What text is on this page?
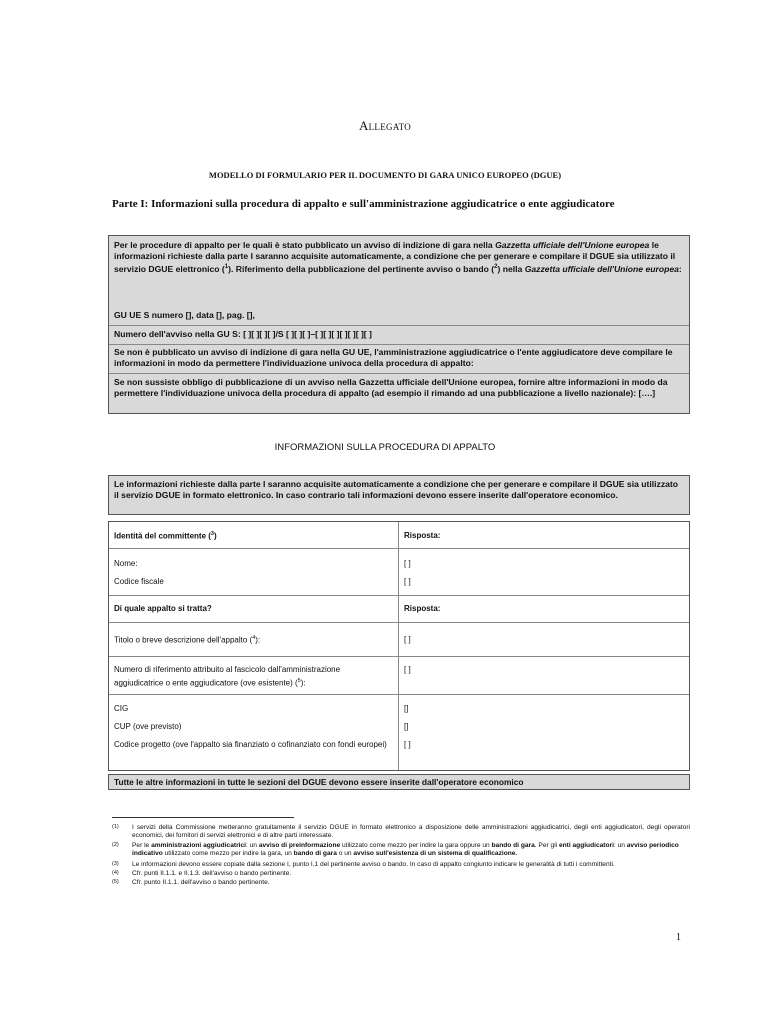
Allegato
MODELLO DI FORMULARIO PER IL DOCUMENTO DI GARA UNICO EUROPEO (DGUE)
Parte I: Informazioni sulla procedura di appalto e sull'amministrazione aggiudicatrice o ente aggiudicatore
Per le procedure di appalto per le quali è stato pubblicato un avviso di indizione di gara nella Gazzetta ufficiale dell'Unione europea le informazioni richieste dalla parte I saranno acquisite automaticamente, a condizione che per generare e compilare il DGUE sia utilizzato il servizio DGUE elettronico ($^1$). Riferimento della pubblicazione del pertinente avviso o bando ($^2$) nella Gazzetta ufficiale dell'Unione europea:
GU UE S numero [], data [], pag. [],
Numero dell'avviso nella GU S: [ ][ ][ ][ ]/S [ ][ ][ ]–[ ][ ][ ][ ][ ][ ][ ]
Se non è pubblicato un avviso di indizione di gara nella GU UE, l'amministrazione aggiudicatrice o l'ente aggiudicatore deve compilare le informazioni in modo da permettere l'individuazione univoca della procedura di appalto:
Se non sussiste obbligo di pubblicazione di un avviso nella Gazzetta ufficiale dell'Unione europea, fornire altre informazioni in modo da permettere l'individuazione univoca della procedura di appalto (ad esempio il rimando ad una pubblicazione a livello nazionale): [….]
INFORMAZIONI SULLA PROCEDURA DI APPALTO
Le informazioni richieste dalla parte I saranno acquisite automaticamente a condizione che per generare e compilare il DGUE sia utilizzato il servizio DGUE in formato elettronico. In caso contrario tali informazioni devono essere inserite dall'operatore economico.
Identità del committente ($^3$)	Risposta:
Nome:	[ ]
Codice fiscale	[ ]
Di quale appalto si tratta?	Risposta:
Titolo o breve descrizione dell'appalto ($^4$):	[ ]
Numero di riferimento attribuito al fascicolo dall'amministrazione aggiudicatrice o ente aggiudicatore (ove esistente) ($^5$):
[ ]
CIG	[]
CUP (ove previsto)	[]
Codice progetto (ove l'appalto sia finanziato o cofinanziato con fondi europei) [ ]
Tutte le altre informazioni in tutte le sezioni del DGUE devono essere inserite dall'operatore economico
(1) I servizi della Commissione metteranno gratuitamente il servizio DGUE in formato elettronico a disposizione delle amministrazioni aggiudicatrici, degli enti aggiudicatori, degli operatori economici, dei fornitori di servizi elettronici e di altre parti interessate.
(2) Per le amministrazioni aggiudicatrici: un avviso di preinformazione utilizzato come mezzo per indire la gara oppure un bando di gara. Per gli enti aggiudicatori: un avviso periodico indicativo utilizzato come mezzo per indire la gara, un bando di gara o un avviso sull'esistenza di un sistema di qualificazione.
(3) Le informazioni devono essere copiate dalla sezione I, punto I.1 del pertinente avviso o bando. In caso di appalto congiunto indicare le generalità di tutti i committenti.
(4) Cfr. punti II.1.1. e II.1.3. dell'avviso o bando pertinente.
(5) Cfr. punto II.1.1. dell'avviso o bando pertinente.
1
